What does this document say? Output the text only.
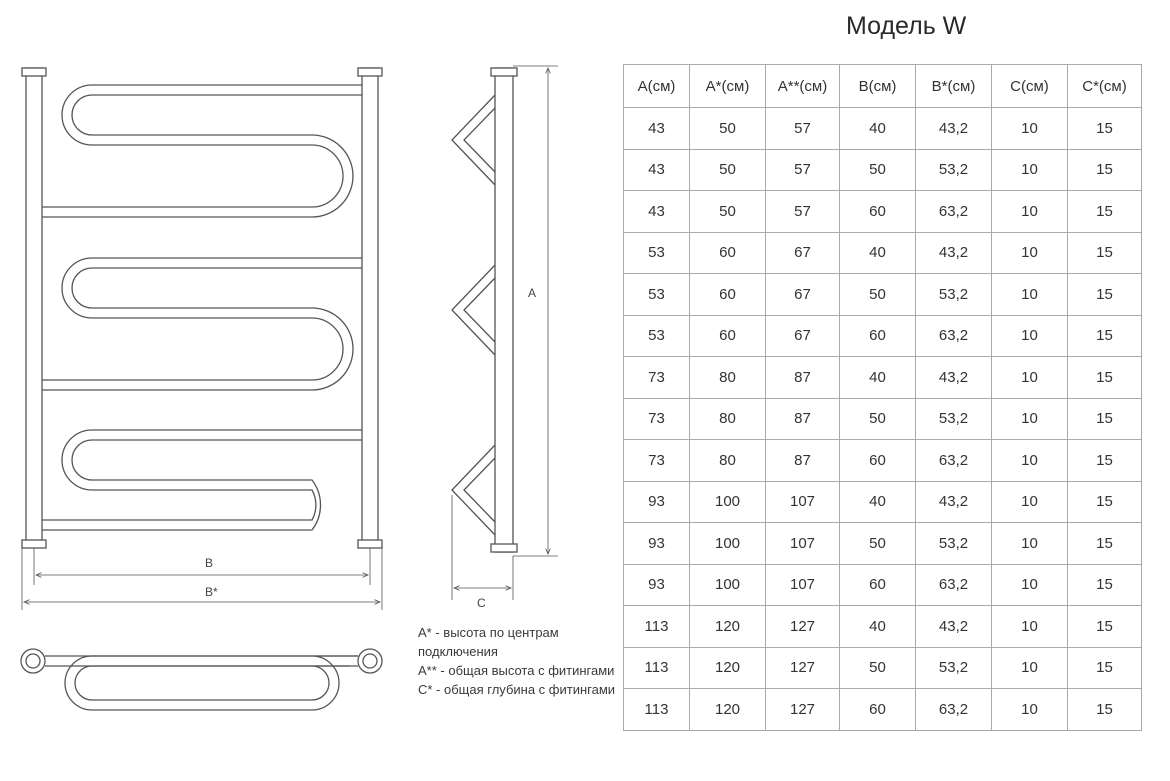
B
B*
A
C
A* - высота по центрам подключения
A** - общая высота с фитингами
C* - общая глубина с фитингами
Модель W
А(см)	А*(см)	А**(см)	В(см)	В*(см)	С(см)	С*(см)
43	50	57	40	43,2	10	15
43	50	57	50	53,2	10	15
43	50	57	60	63,2	10	15
53	60	67	40	43,2	10	15
53	60	67	50	53,2	10	15
53	60	67	60	63,2	10	15
73	80	87	40	43,2	10	15
73	80	87	50	53,2	10	15
73	80	87	60	63,2	10	15
93	100	107	40	43,2	10	15
93	100	107	50	53,2	10	15
93	100	107	60	63,2	10	15
113	120	127	40	43,2	10	15
113	120	127	50	53,2	10	15
113	120	127	60	63,2	10	15
